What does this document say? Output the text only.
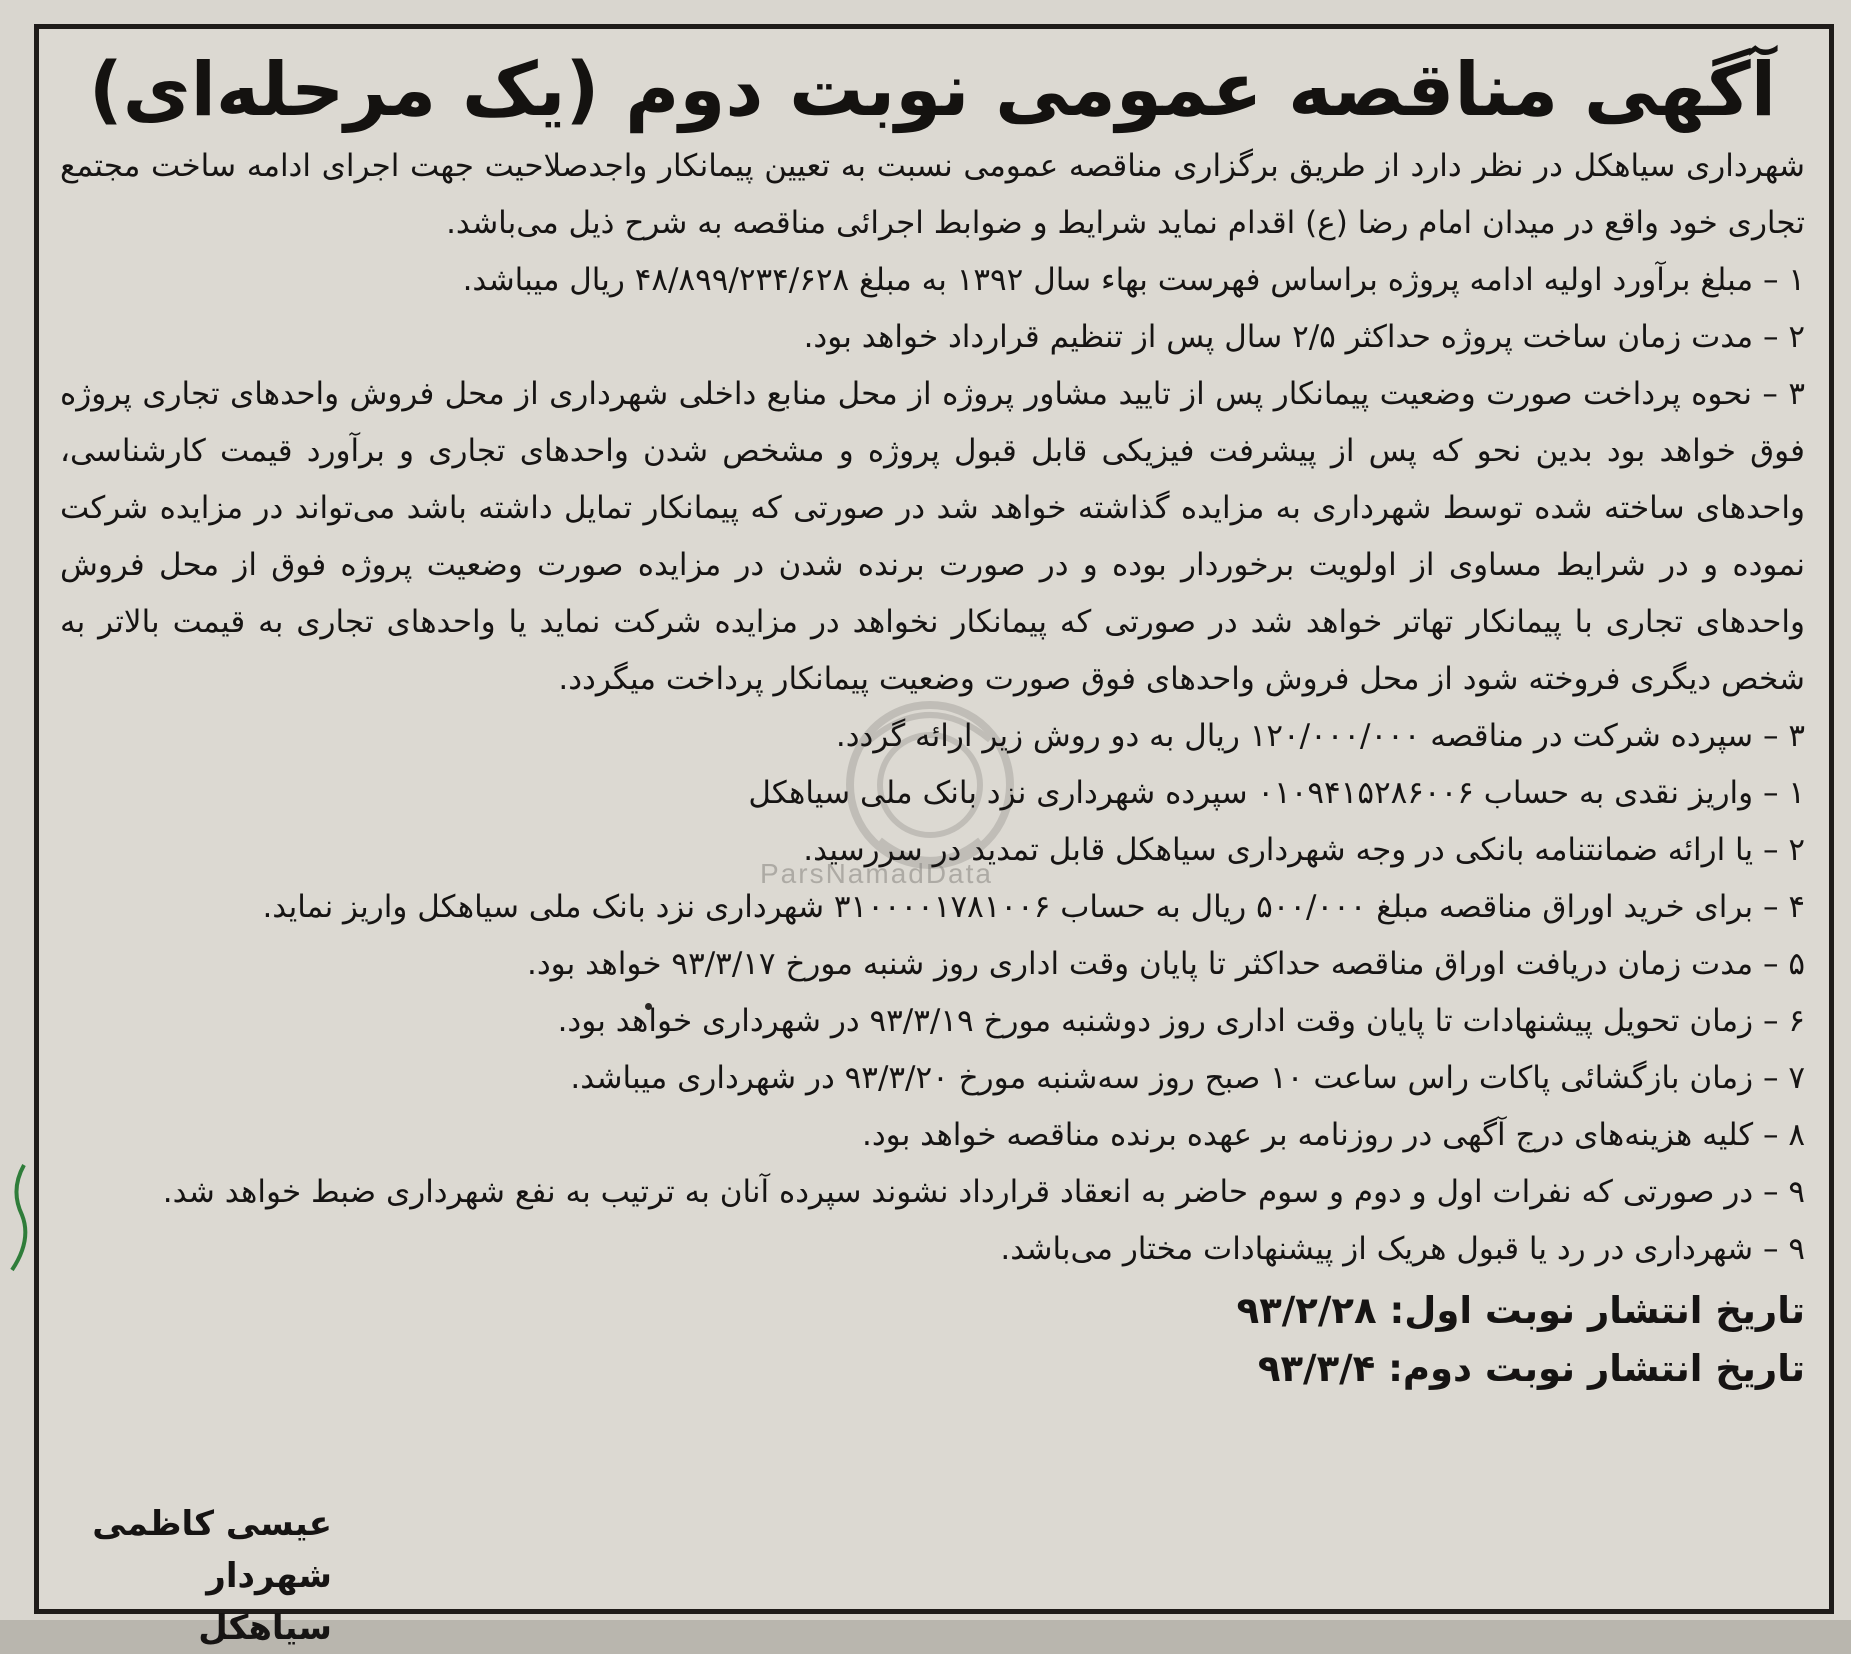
ParsNamadData
آگهی مناقصه عمومی نوبت دوم (یک مرحله‌ای)

شهرداری سیاهکل در نظر دارد از طریق برگزاری مناقصه عمومی نسبت به تعیین پیمانکار واجدصلاحیت جهت اجرای ادامه ساخت مجتمع تجاری خود واقع در میدان امام رضا (ع) اقدام نماید شرایط و ضوابط اجرائی مناقصه به شرح ذیل می‌باشد.

۱ – مبلغ برآورد اولیه ادامه پروژه براساس فهرست بهاء سال ۱۳۹۲ به مبلغ ۴۸/۸۹۹/۲۳۴/۶۲۸ ریال میباشد.

۲ – مدت زمان ساخت پروژه حداکثر ۲/۵ سال پس از تنظیم قرارداد خواهد بود.

۳ – نحوه پرداخت صورت وضعیت پیمانکار پس از تایید مشاور پروژه از محل منابع داخلی شهرداری از محل فروش واحدهای تجاری پروژه فوق خواهد بود بدین نحو که پس از پیشرفت فیزیکی قابل قبول پروژه و مشخص شدن واحدهای تجاری و برآورد قیمت کارشناسی، واحدهای ساخته شده توسط شهرداری به مزایده گذاشته خواهد شد در صورتی که پیمانکار تمایل داشته باشد می‌تواند در مزایده شرکت نموده و در شرایط مساوی از اولویت برخوردار بوده و در صورت برنده شدن در مزایده صورت وضعیت پروژه فوق از محل فروش واحدهای تجاری با پیمانکار تهاتر خواهد شد در صورتی که پیمانکار نخواهد در مزایده شرکت نماید یا واحدهای تجاری به قیمت بالاتر به شخص دیگری فروخته شود از محل فروش واحدهای فوق صورت وضعیت پیمانکار پرداخت میگردد.

۳ – سپرده شرکت در مناقصه ۱۲۰/۰۰۰/۰۰۰ ریال به دو روش زیر ارائه گردد.

۱ – واریز نقدی به حساب ۰۱۰۹۴۱۵۲۸۶۰۰۶ سپرده شهرداری نزد بانک ملی سیاهکل

۲ – یا ارائه ضمانتنامه بانکی در وجه شهرداری سیاهکل قابل تمدید در سررسید.

۴ – برای خرید اوراق مناقصه مبلغ ۵۰۰/۰۰۰ ریال به حساب ۳۱۰۰۰۰۱۷۸۱۰۰۶ شهرداری نزد بانک ملی سیاهکل واریز نماید.

۵ – مدت زمان دریافت اوراق مناقصه حداکثر تا پایان وقت اداری روز شنبه مورخ ۹۳/۳/۱۷ خواهد بود.

۶ – زمان تحویل پیشنهادات تا پایان وقت اداری روز دوشنبه مورخ ۹۳/۳/۱۹ در شهرداری خواهد بود.

۷ – زمان بازگشائی پاکات راس ساعت ۱۰ صبح روز سه‌شنبه مورخ ۹۳/۳/۲۰ در شهرداری میباشد.

۸ – کلیه هزینه‌های درج آگهی در روزنامه بر عهده برنده مناقصه خواهد بود.

۹ – در صورتی که نفرات اول و دوم و سوم حاضر به انعقاد قرارداد نشوند سپرده آنان به ترتیب به نفع شهرداری ضبط خواهد شد.

۹ – شهرداری در رد یا قبول هریک از پیشنهادات مختار می‌باشد.

تاریخ انتشار نوبت اول: ۹۳/۲/۲۸

تاریخ انتشار نوبت دوم: ۹۳/۳/۴

عیسی کاظمی
شهردار سیاهکل
